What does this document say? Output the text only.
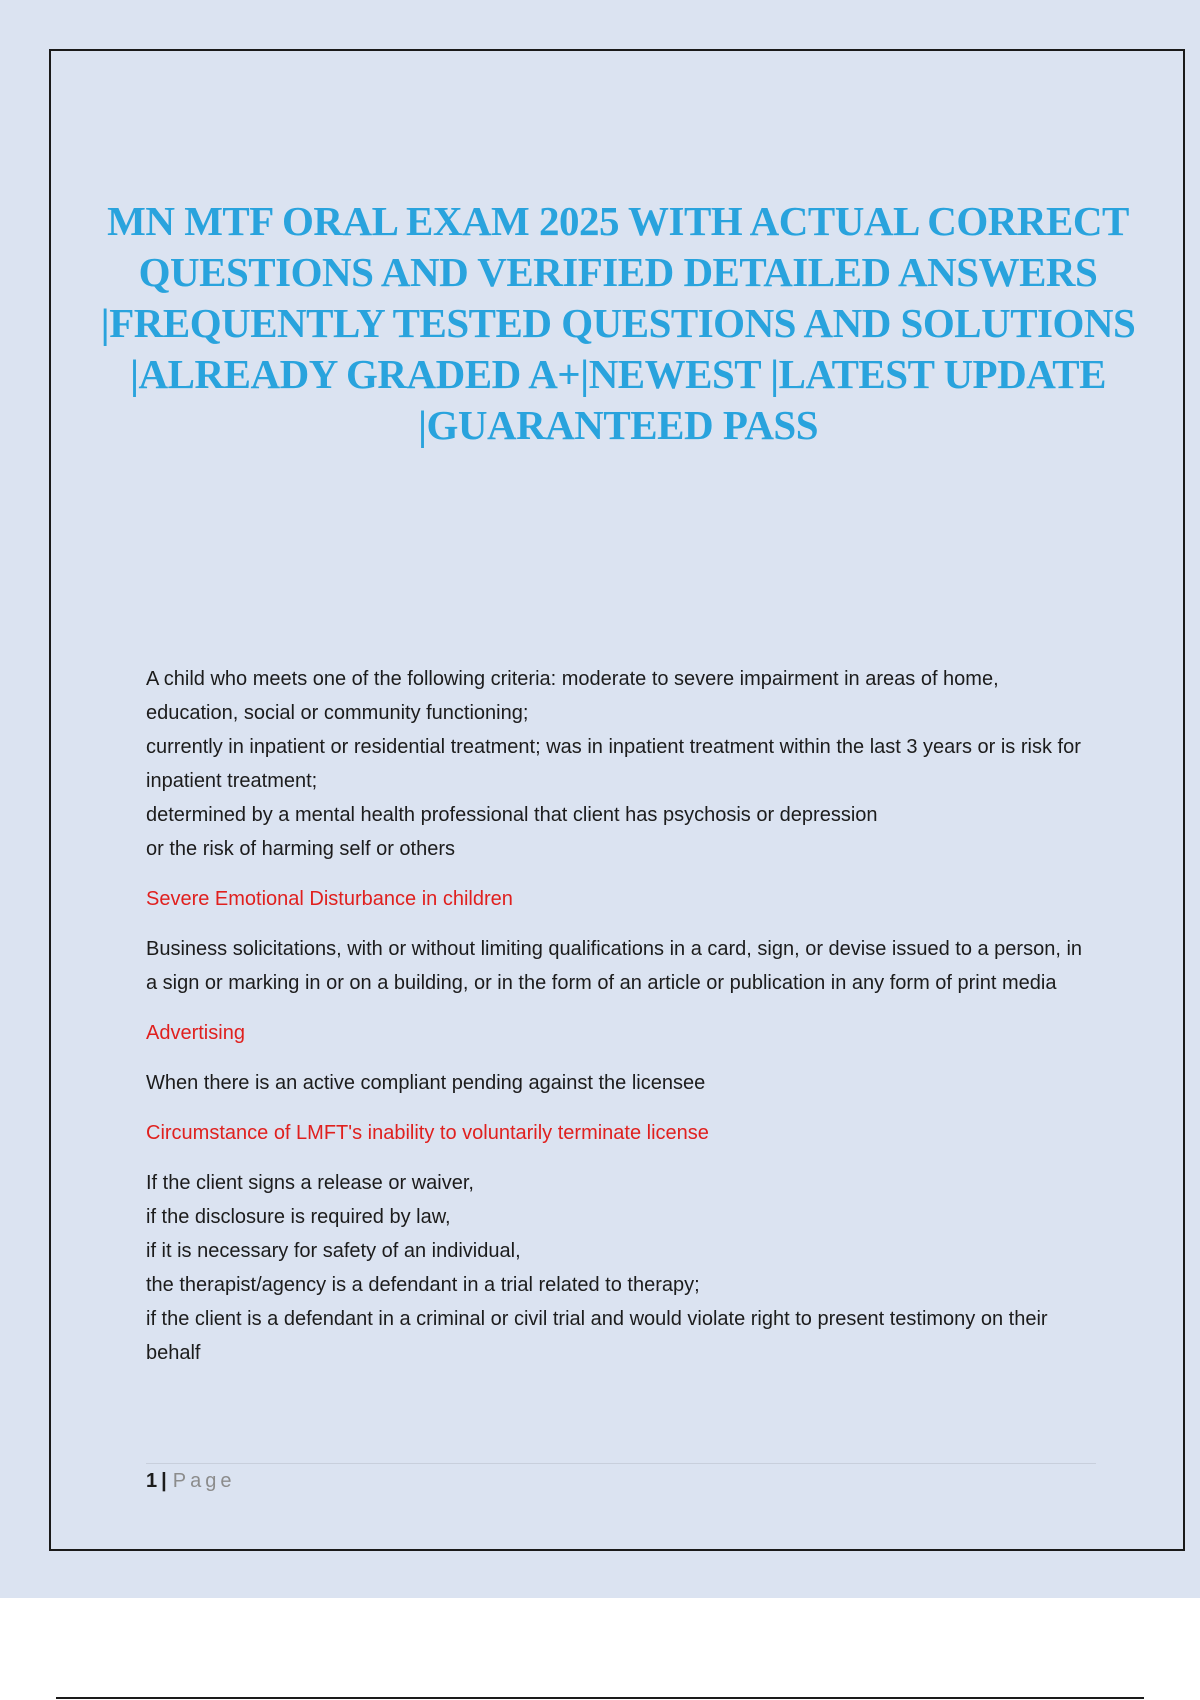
MN MTF ORAL EXAM 2025 WITH ACTUAL CORRECT QUESTIONS AND VERIFIED DETAILED ANSWERS |FREQUENTLY TESTED QUESTIONS AND SOLUTIONS |ALREADY GRADED A+|NEWEST |LATEST UPDATE |GUARANTEED PASS

A child who meets one of the following criteria: moderate to severe impairment in areas of home, education, social or community functioning;
currently in inpatient or residential treatment; was in inpatient treatment within the last 3 years or is risk for inpatient treatment;
determined by a mental health professional that client has psychosis or depression
or the risk of harming self or others

Severe Emotional Disturbance in children

Business solicitations, with or without limiting qualifications in a card, sign, or devise issued to a person, in a sign or marking in or on a building, or in the form of an article or publication in any form of print media

Advertising

When there is an active compliant pending against the licensee

Circumstance of LMFT's inability to voluntarily terminate license

If the client signs a release or waiver,
if the disclosure is required by law,
if it is necessary for safety of an individual,
the therapist/agency is a defendant in a trial related to therapy;
if the client is a defendant in a criminal or civil trial and would violate right to present testimony on their behalf

1 | Page
